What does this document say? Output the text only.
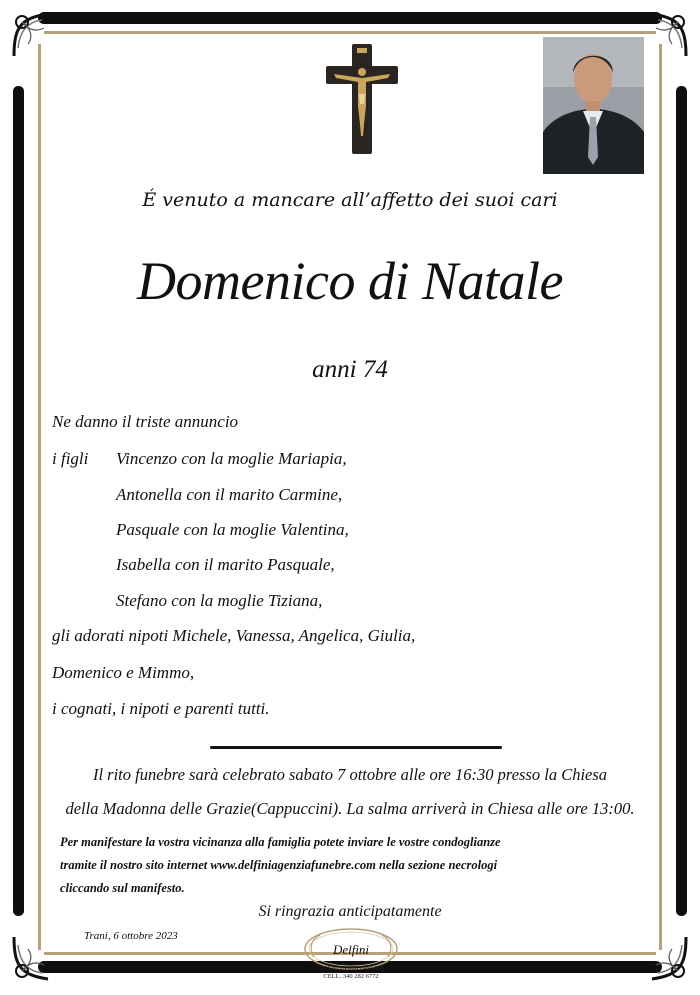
É venuto a mancare all’affetto dei suoi cari
Domenico di Natale
anni 74
Ne danno il triste annuncio
i figli Vincenzo con la moglie Mariapia,
Antonella con il marito Carmine,
Pasquale con la moglie Valentina,
Isabella con il marito Pasquale,
Stefano con la moglie Tiziana,
gli adorati nipoti Michele, Vanessa, Angelica, Giulia,
Domenico e Mimmo,
i cognati, i nipoti e parenti tutti.
Il rito funebre sarà celebrato sabato 7 ottobre alle ore 16:30 presso la Chiesa
della Madonna delle Grazie(Cappuccini). La salma arriverà in Chiesa alle ore 13:00.
Per manifestare la vostra vicinanza alla famiglia potete inviare le vostre condoglianze
tramite il nostro sito internet www.delfiniagenziafunebre.com nella sezione necrologi
cliccando sul manifesto.
Si ringrazia anticipatamente
Trani, 6 ottobre 2023
Delfini
AGENZIA 0883 481 608
CELL. 340 282 6772
